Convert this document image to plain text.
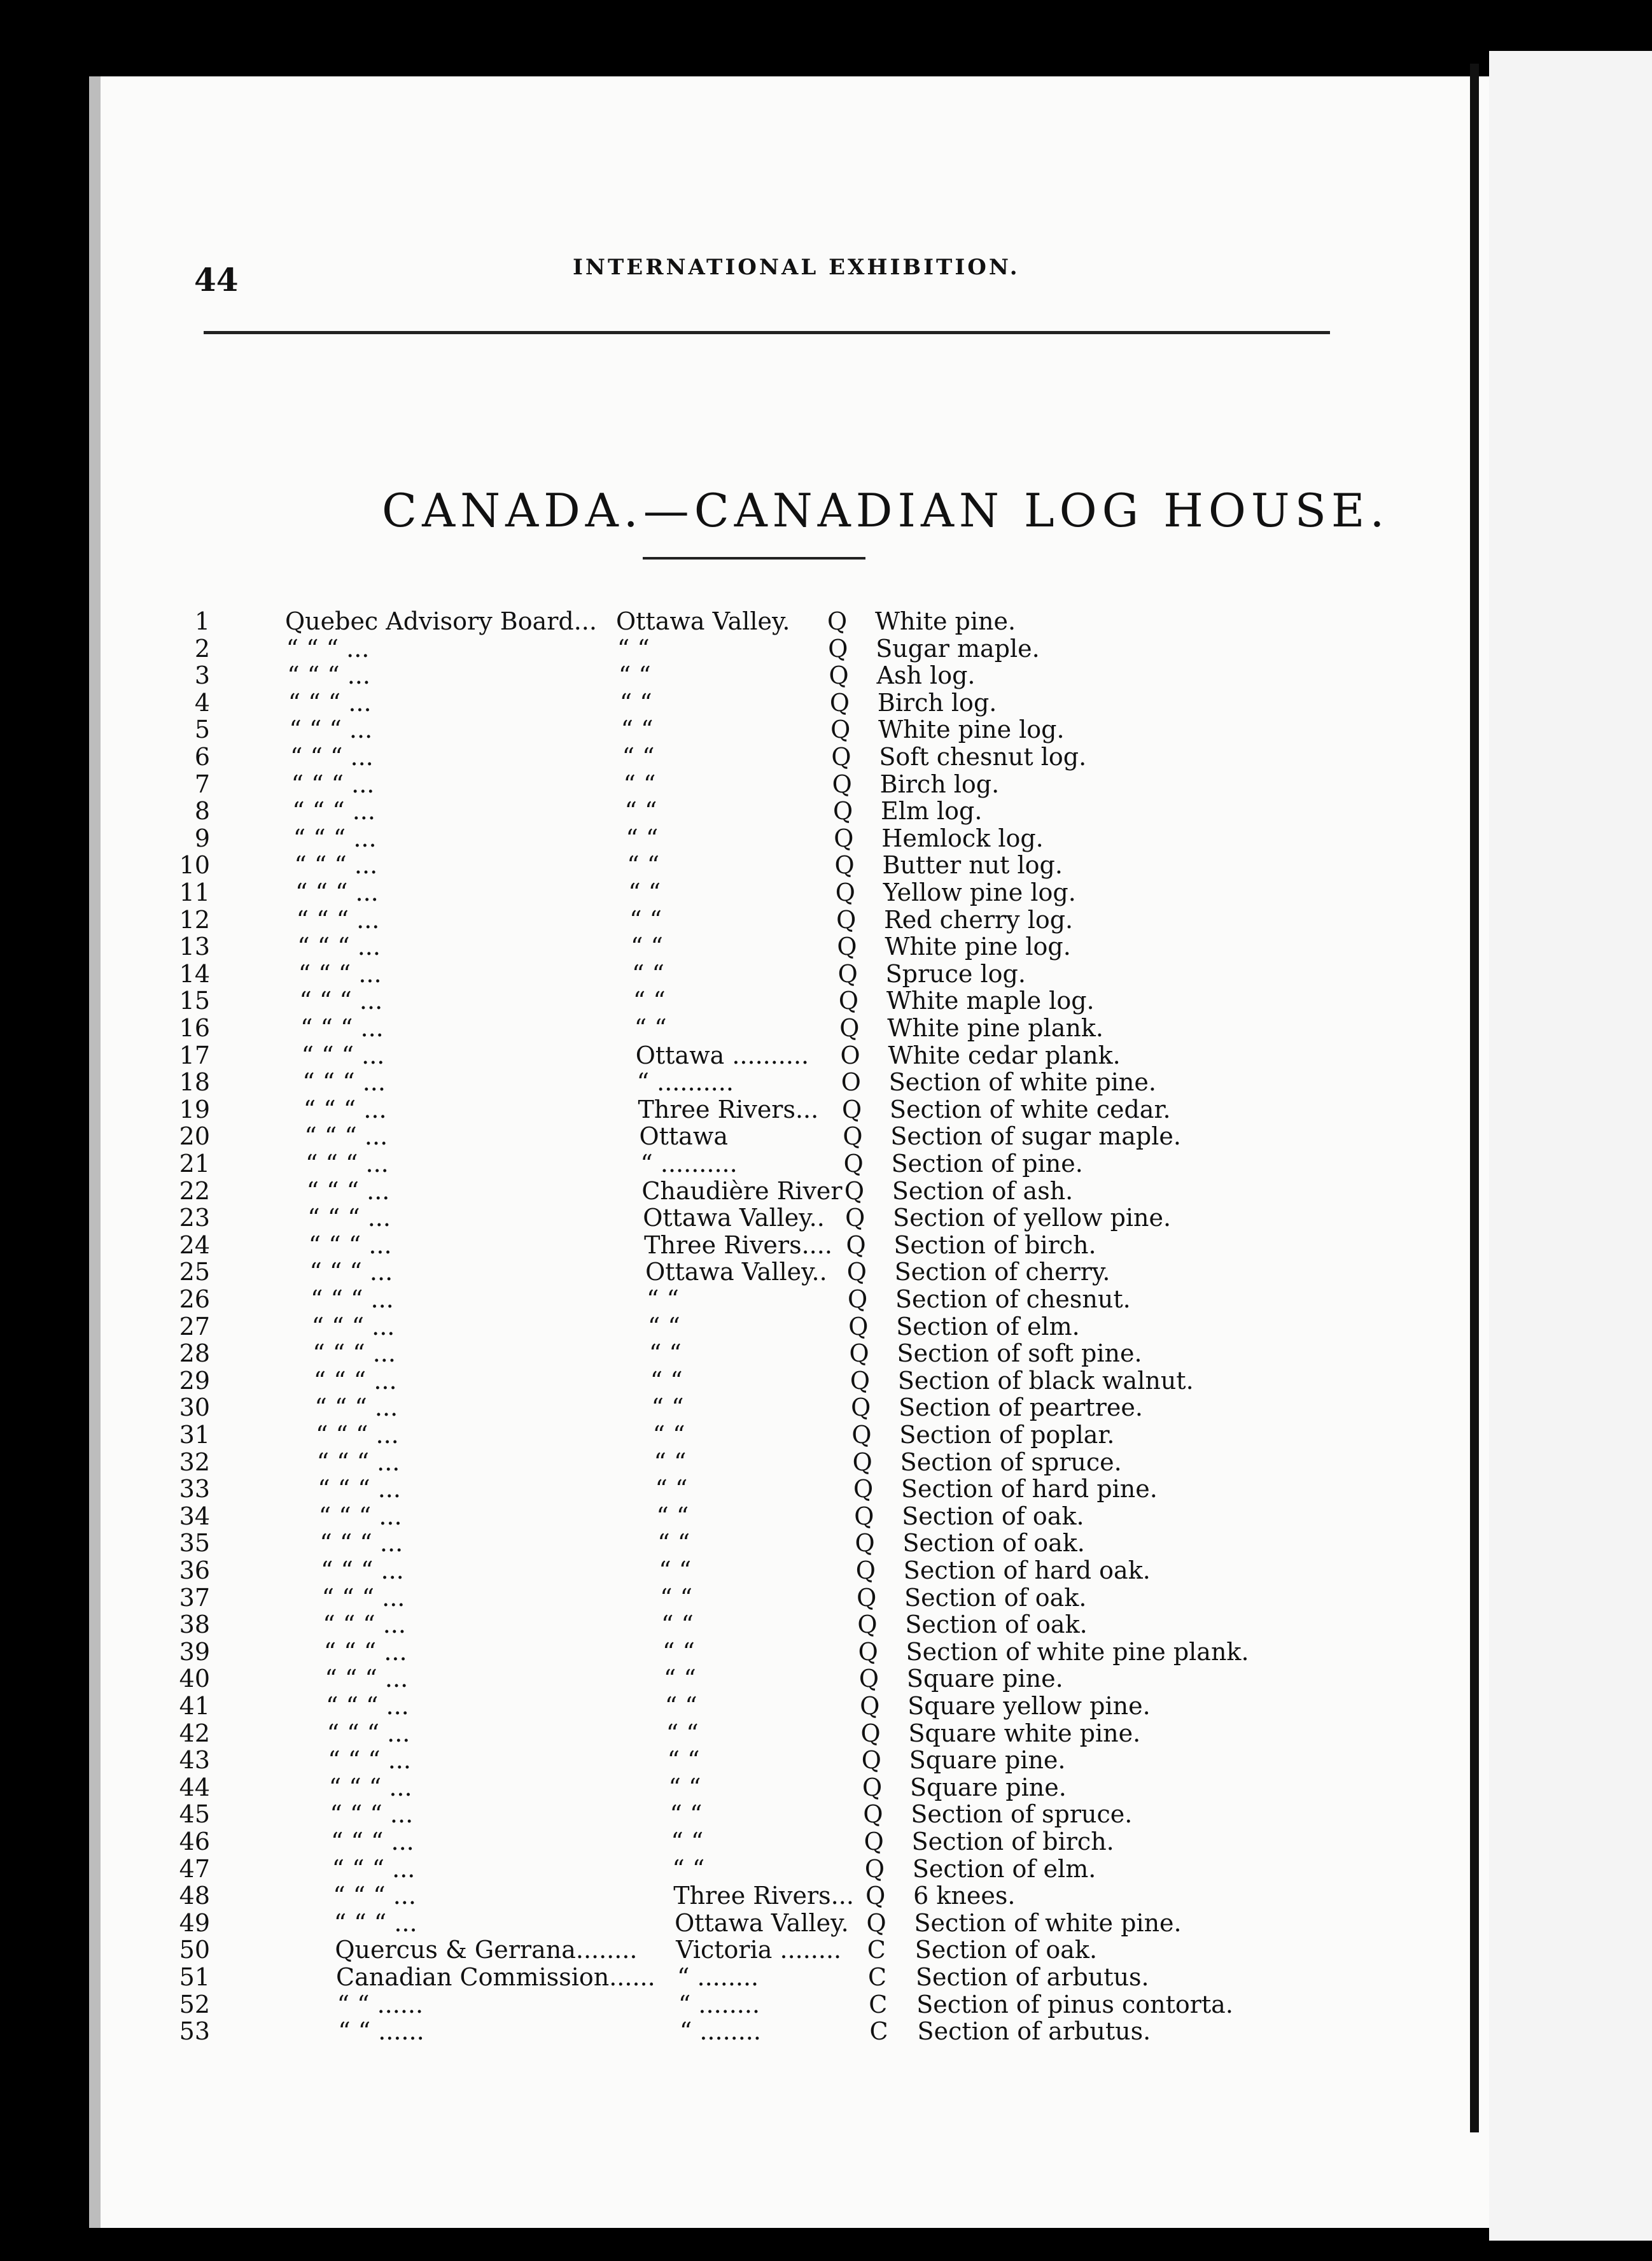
44	INTERNATIONAL EXHIBITION.
CANADA.—CANADIAN LOG HOUSE.
1	Quebec Advisory Board... Ottawa Valley. Q White pine.
2	“ “ “ ...	“ “	Q Sugar maple.
3	“ “ “ ...	“ “	Q Ash log.
4	“ “ “ ...	“ “	Q Birch log.
5	“ “ “ ...	“ “	Q White pine log.
6	“ “ “ ...	“ “	Q Soft chesnut log.
7	“ “ “ ...	“ “	Q Birch log.
8	“ “ “ ...	“ “	Q Elm log.
9	“ “ “ ...	“ “	Q Hemlock log.
10	“ “ “ ...	“ “	Q Butter nut log.
11	“ “ “ ...	“ “	Q Yellow pine log.
12	“ “ “ ...	“ “	Q Red cherry log.
13	“ “ “ ...	“ “	Q White pine log.
14	“ “ “ ...	“ “	Q Spruce log.
15	“ “ “ ...	“ “	Q White maple log.
16	“ “ “ ...	“ “	Q White pine plank.
17	“ “ “ ...	Ottawa .......... O White cedar plank.
18	“ “ “ ...	“ ..........	O Section of white pine.
19	“ “ “ ...	Three Rivers... Q Section of white cedar.
20	“ “ “ ...	Ottawa	Q Section of sugar maple.
21	“ “ “ ...	“ ..........	Q Section of pine.
22	“ “ “ ...	Chaudière River Q Section of ash.
23	“ “ “ ...	Ottawa Valley.. Q Section of yellow pine.
24	“ “ “ ...	Three Rivers.... Q Section of birch.
25	“ “ “ ...	Ottawa Valley.. Q Section of cherry.
26	“ “ “ ...	“ “	Q Section of chesnut.
27	“ “ “ ...	“ “	Q Section of elm.
28	“ “ “ ...	“ “	Q Section of soft pine.
29	“ “ “ ...	“ “	Q Section of black walnut.
30	“ “ “ ...	“ “	Q Section of peartree.
31	“ “ “ ...	“ “	Q Section of poplar.
32	“ “ “ ...	“ “	Q Section of spruce.
33	“ “ “ ...	“ “	Q Section of hard pine.
34	“ “ “ ...	“ “	Q Section of oak.
35	“ “ “ ...	“ “	Q Section of oak.
36	“ “ “ ...	“ “	Q Section of hard oak.
37	“ “ “ ...	“ “	Q Section of oak.
38	“ “ “ ...	“ “	Q Section of oak.
39	“ “ “ ...	“ “	Q Section of white pine plank.
40	“ “ “ ...	“ “	Q Square pine.
41	“ “ “ ...	“ “	Q Square yellow pine.
42	“ “ “ ...	“ “	Q Square white pine.
43	“ “ “ ...	“ “	Q Square pine.
44	“ “ “ ...	“ “	Q Square pine.
45	“ “ “ ...	“ “	Q Section of spruce.
46	“ “ “ ...	“ “	Q Section of birch.
47	“ “ “ ...	“ “	Q Section of elm.
48	“ “ “ ...	Three Rivers... Q 6 knees.
49	“ “ “ ...	Ottawa Valley. Q Section of white pine.
50	Quercus & Gerrana........ Victoria ........ C Section of oak.
51	Canadian Commission...... “ ........	C Section of arbutus.
52	“ “ ......	“ ........	C Section of pinus contorta.
53	“ “ ......	“ ........	C Section of arbutus.
